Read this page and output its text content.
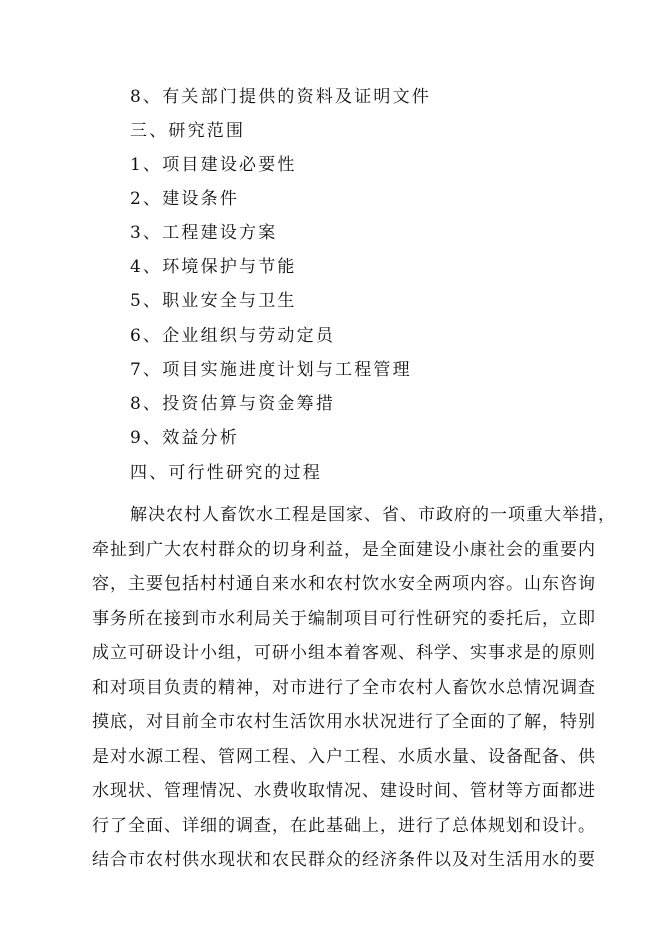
8、有关部门提供的资料及证明文件
三、研究范围
1、项目建设必要性
2、建设条件
3、工程建设方案
4、环境保护与节能
5、职业安全与卫生
6、企业组织与劳动定员
7、项目实施进度计划与工程管理
8、投资估算与资金筹措
9、效益分析
四、可行性研究的过程

解决农村人畜饮水工程是国家、省、市政府的一项重大举措，

牵扯到广大农村群众的切身利益，是全面建设小康社会的重要内

容，主要包括村村通自来水和农村饮水安全两项内容。山东咨询

事务所在接到市水利局关于编制项目可行性研究的委托后，立即

成立可研设计小组，可研小组本着客观、科学、实事求是的原则

和对项目负责的精神，对市进行了全市农村人畜饮水总情况调查

摸底，对目前全市农村生活饮用水状况进行了全面的了解，特别

是对水源工程、管网工程、入户工程、水质水量、设备配备、供

水现状、管理情况、水费收取情况、建设时间、管材等方面都进

行了全面、详细的调查，在此基础上，进行了总体规划和设计。

结合市农村供水现状和农民群众的经济条件以及对生活用水的要
